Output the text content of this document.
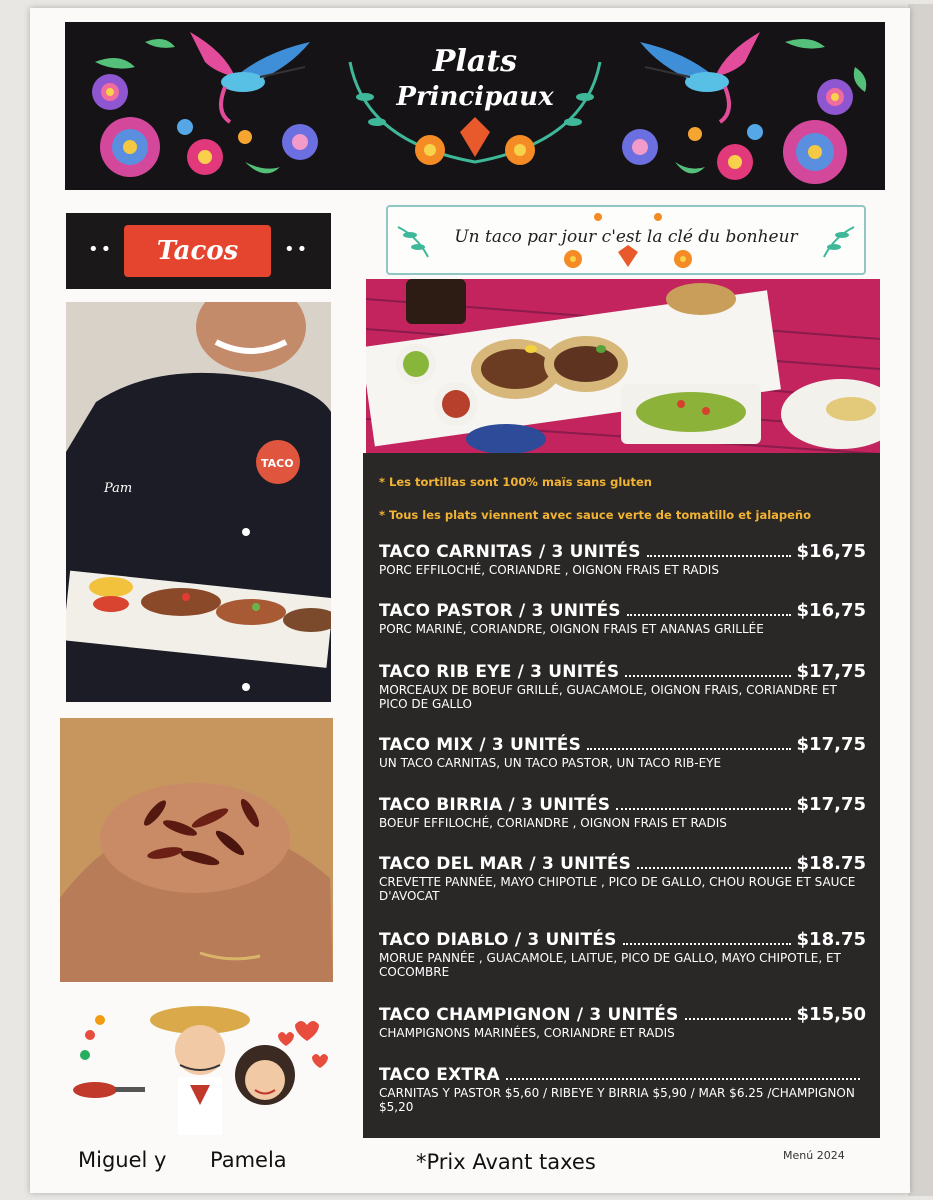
Plats
Principaux
••	Tacos	••
Un taco par jour c'est la clé du bonheur
TACO
Pam	* Les tortillas sont 100% maïs sans gluten
* Tous les plats viennent avec sauce verte de tomatillo et jalapeño
TACO CARNITAS / 3 UNITÉS	$16,75
PORC EFFILOCHÉ, CORIANDRE , OIGNON FRAIS ET RADIS
TACO PASTOR / 3 UNITÉS	$16,75
PORC MARINÉ, CORIANDRE, OIGNON FRAIS ET ANANAS GRILLÉE
TACO RIB EYE / 3 UNITÉS	$17,75
MORCEAUX DE BOEUF GRILLÉ, GUACAMOLE, OIGNON FRAIS, CORIANDRE ET PICO DE GALLO
TACO MIX / 3 UNITÉS	$17,75
UN TACO CARNITAS, UN TACO PASTOR, UN TACO RIB-EYE
TACO BIRRIA / 3 UNITÉS	$17,75
BOEUF EFFILOCHÉ, CORIANDRE , OIGNON FRAIS ET RADIS
TACO DEL MAR / 3 UNITÉS	$18.75
CREVETTE PANNÉE, MAYO CHIPOTLE , PICO DE GALLO, CHOU ROUGE ET SAUCE D'AVOCAT
TACO DIABLO / 3 UNITÉS	$18.75
MORUE PANNÉE , GUACAMOLE, LAITUE, PICO DE GALLO, MAYO CHIPOTLE, ET COCOMBRE
TACO CHAMPIGNON / 3 UNITÉS	$15,50
CHAMPIGNONS MARINÉES, CORIANDRE ET RADIS
TACO EXTRA
CARNITAS Y PASTOR $5,60 / RIBEYE Y BIRRIA $5,90 / MAR $6.25 /CHAMPIGNON $5,20
Miguel y Pamela	*Prix Avant taxes	Menú 2024
